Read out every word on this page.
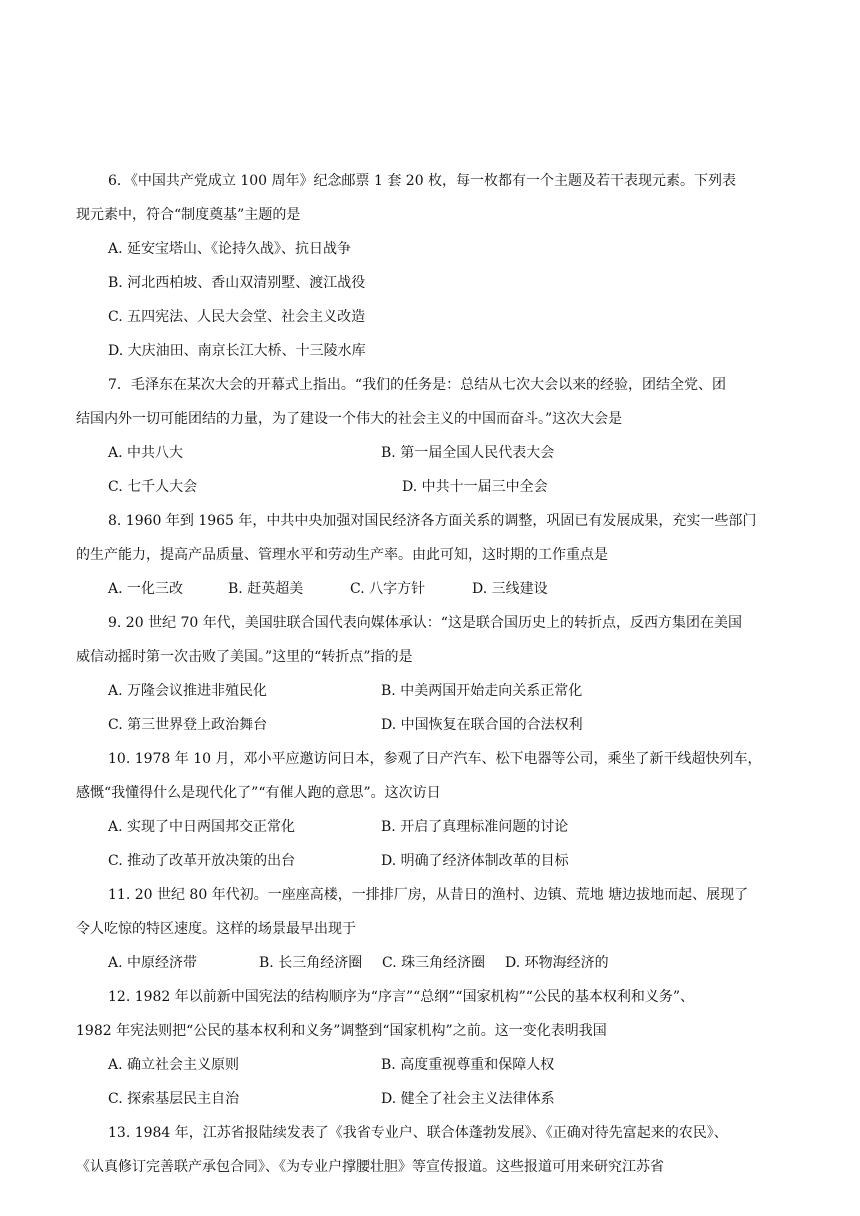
6．《中国共产党成立 100 周年》纪念邮票 1 套 20 枚，每一枚都有一个主题及若干表现元素。下列表
现元素中，符合“制度奠基”主题的是
A. 延安宝塔山、《论持久战》、抗日战争
B. 河北西柏坡、香山双清别墅、渡江战役
C. 五四宪法、人民大会堂、社会主义改造
D. 大庆油田、南京长江大桥、十三陵水库
7．毛泽东在某次大会的开幕式上指出。“我们的任务是：总结从七次大会以来的经验，团结全党、团
结国内外一切可能团结的力量，为了建设一个伟大的社会主义的中国而奋斗。”这次大会是
A. 中共八大	B. 第一届全国人民代表大会
C. 七千人大会	D. 中共十一届三中全会
8. 1960 年到 1965 年，中共中央加强对国民经济各方面关系的调整，巩固已有发展成果，充实一些部门
的生产能力，提高产品质量、管理水平和劳动生产率。由此可知，这时期的工作重点是
A. 一化三改	B. 赶英超美	C. 八字方针	D. 三线建设
9. 20 世纪 70 年代，美国驻联合国代表向媒体承认：“这是联合国历史上的转折点，反西方集团在美国
威信动摇时第一次击败了美国。”这里的“转折点”指的是
A. 万隆会议推进非殖民化	B. 中美两国开始走向关系正常化
C. 第三世界登上政治舞台	D. 中国恢复在联合国的合法权利
10. 1978 年 10 月，邓小平应邀访问日本，参观了日产汽车、松下电器等公司，乘坐了新干线超快列车，
感慨“我懂得什么是现代化了”“有催人跑的意思”。这次访日
A. 实现了中日两国邦交正常化	B. 开启了真理标准问题的讨论
C. 推动了改革开放决策的出台	D. 明确了经济体制改革的目标
11. 20 世纪 80 年代初。一座座高楼，一排排厂房，从昔日的渔村、边镇、荒地 塘边拔地而起、展现了
令人吃惊的特区速度。这样的场景最早出现于
A. 中原经济带	B. 长三角经济圈 C. 珠三角经济圈 D. 环物海经济的
12. 1982 年以前新中国宪法的结构顺序为“序言”“总纲”“国家机构”“公民的基本权利和义务”、
1982 年宪法则把“公民的基本权利和义务”调整到“国家机构”之前。这一变化表明我国
A. 确立社会主义原则	B. 高度重视尊重和保障人权
C. 探索基层民主自治	D. 健全了社会主义法律体系
13. 1984 年，江苏省报陆续发表了《我省专业户、联合体蓬勃发展》、《正确对待先富起来的农民》、
《认真修订完善联产承包合同》、《为专业户撑腰壮胆》等宣传报道。这些报道可用来研究江苏省
